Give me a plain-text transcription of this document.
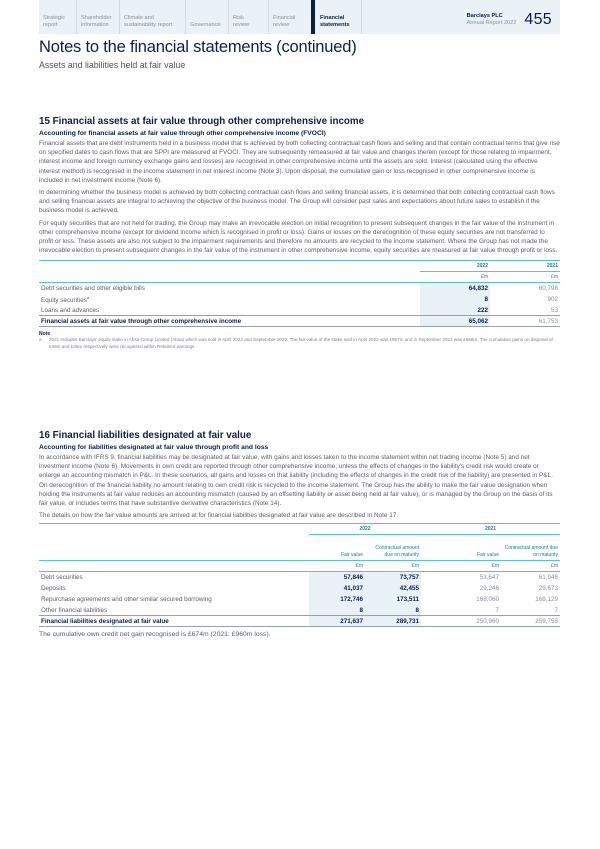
Strategic
report
Shareholder
information
Climate and
sustainability report	Governance
Risk
review
Financial
review
Financial
statements
Barclays PLC
Annual Report 2022 455
Notes to the financial statements (continued)
Assets and liabilities held at fair value
15 Financial assets at fair value through other comprehensive income
Accounting for financial assets at fair value through other comprehensive income (FVOCI)

Financial assets that are debt instruments held in a business model that is achieved by both collecting contractual cash flows and selling and that contain contractual terms that give rise on specified dates to cash flows that are SPPI are measured at FVOCI. They are subsequently remeasured at fair value and changes therein (except for those relating to impairment, interest income and foreign currency exchange gains and losses) are recognised in other comprehensive income until the assets are sold. Interest (calculated using the effective interest method) is recognised in the income statement in net interest income (Note 3). Upon disposal, the cumulative gain or loss recognised in other comprehensive income is included in net investment income (Note 6).

In determining whether the business model is achieved by both collecting contractual cash flows and selling financial assets, it is determined that both collecting contractual cash flows and selling financial assets are integral to achieving the objective of the business model. The Group will consider past sales and expectations about future sales to establish if the business model is achieved.

For equity securities that are not held for trading, the Group may make an irrevocable election on initial recognition to present subsequent changes in the fair value of the instrument in other comprehensive income (except for dividend income which is recognised in profit or loss). Gains or losses on the derecognition of these equity securities are not transferred to profit or loss. These assets are also not subject to the impairment requirements and therefore no amounts are recycled to the income statement. Where the Group has not made the irrevocable election to present subsequent changes in the fair value of the instrument in other comprehensive income, equity securities are measured at fair value through profit or loss.

	2022	2021
	£m	£m
Debt securities and other eligible bills	64,832	60,798
Equity securities$^a$	8	902
Loans and advances	222	53
Financial assets at fair value through other comprehensive income	65,062	61,753
Note
a	2021 includes Barclays' equity stake in Absa Group Limited (Absa) which was sold in April 2022 and September 2022. The fair value of the stake sold in April 2022 was £557m and in September 2022 was £566m. The cumulative gains on disposal of £48m and £36m respectively were recognised within Retained earnings.
16 Financial liabilities designated at fair value
Accounting for liabilities designated at fair value through profit and loss

In accordance with IFRS 9, financial liabilities may be designated at fair value, with gains and losses taken to the income statement within net trading income (Note 5) and net investment income (Note 6). Movements in own credit are reported through other comprehensive income, unless the effects of changes in the liability's credit risk would create or enlarge an accounting mismatch in P&L. In these scenarios, all gains and losses on that liability (including the effects of changes in the credit risk of the liability) are presented in P&L. On derecognition of the financial liability no amount relating to own credit risk is recycled to the income statement. The Group has the ability to make the fair value designation when holding the instruments at fair value reduces an accounting mismatch (caused by an offsetting liability or asset being held at fair value), or is managed by the Group on the basis of its fair value, or includes terms that have substantive derivative characteristics (Note 14).

The details on how the fair value amounts are arrived at for financial liabilities designated at fair value are described in Note 17.

	2022		2021	
	Fair value	Contractual amount due on maturity	Fair value	Contractual amount due on maturity
	£m	£m	£m	£m
Debt securities	57,846	73,757	53,647	61,946
Deposits	41,037	42,455	29,246	29,673
Repurchase agreements and other similar secured borrowing	172,746	173,511	168,060	168,129
Other financial liabilities	8	8	7	7
Financial liabilities designated at fair value	271,637	289,731	250,960	259,755

The cumulative own credit net gain recognised is £674m (2021: £960m loss).
